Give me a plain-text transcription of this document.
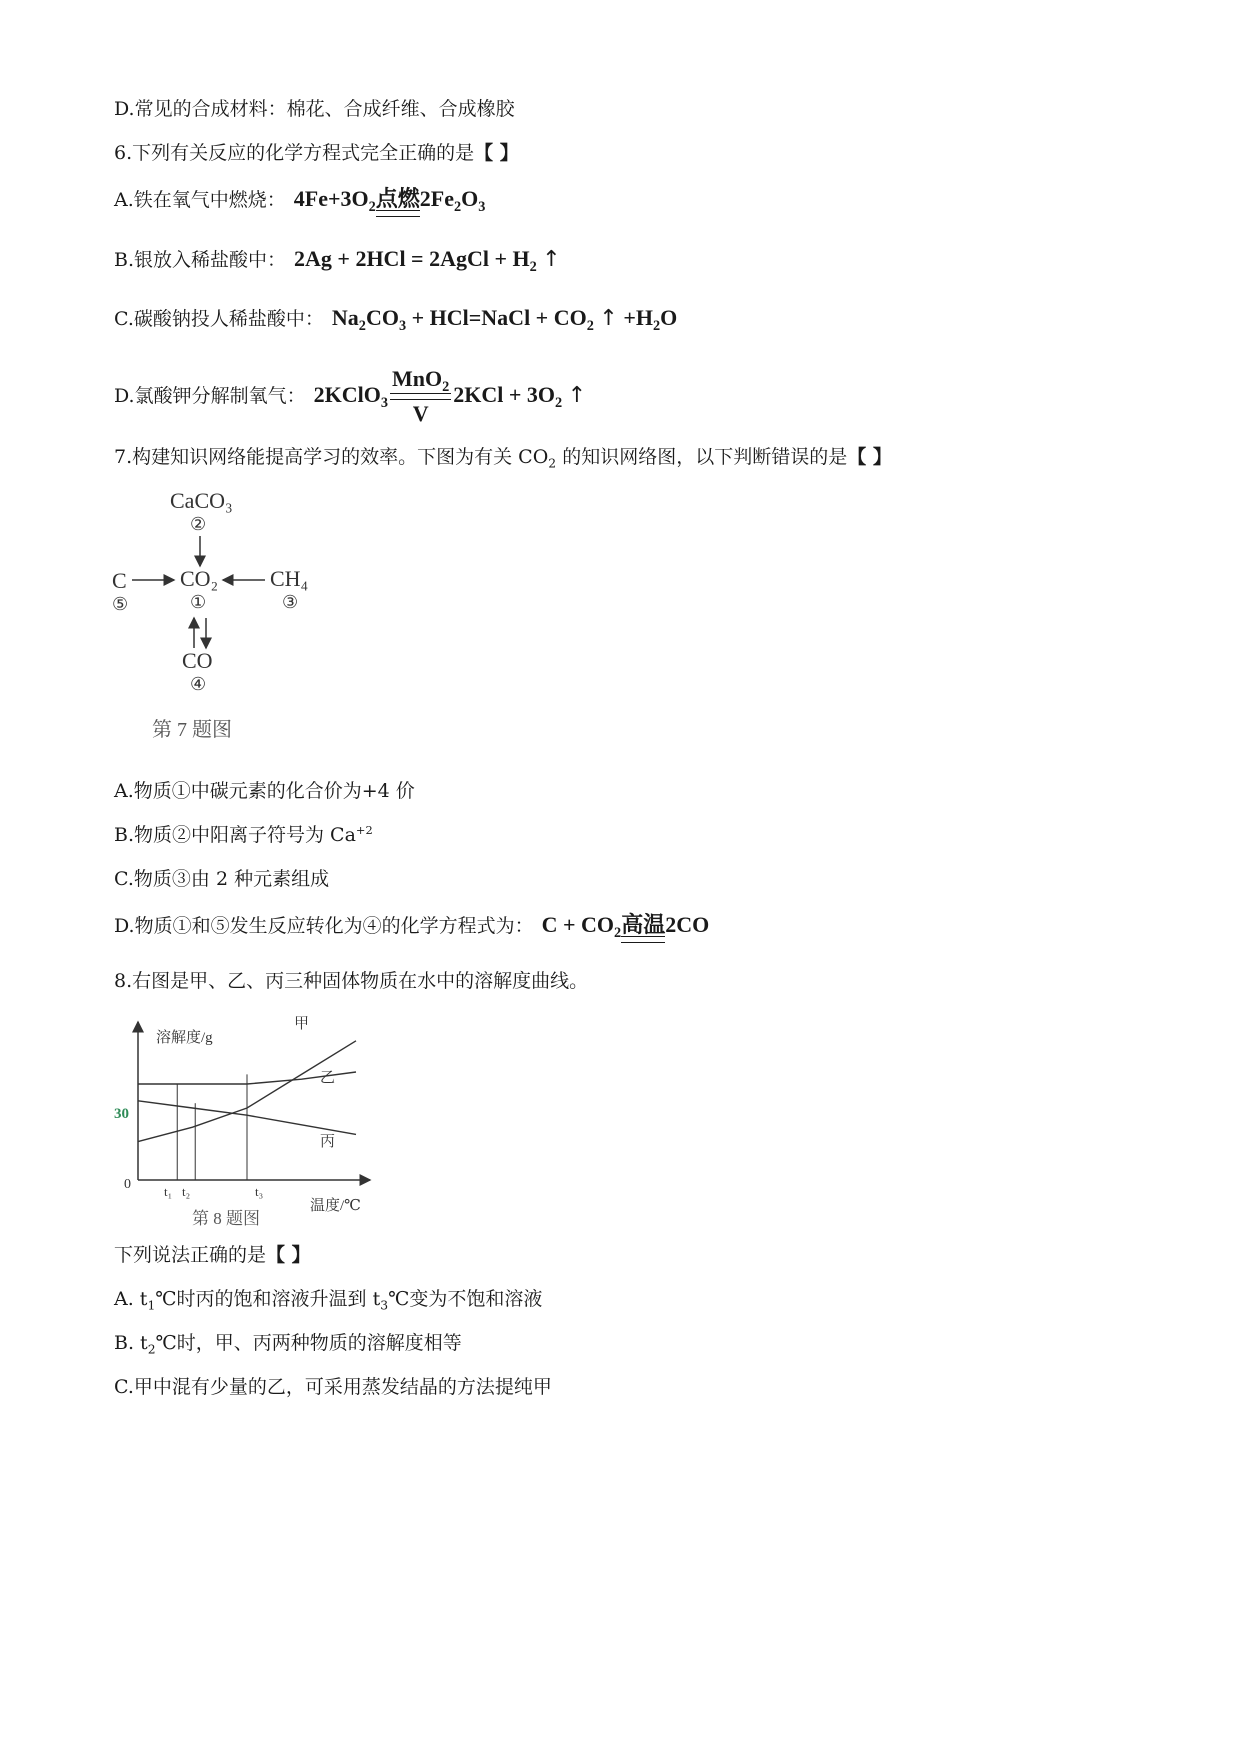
D.常见的合成材料：棉花、合成纤维、合成橡胶
6.下列有关反应的化学方程式完全正确的是【 】
A.铁在氧气中燃烧： $4Fe+3O_2$点燃$2Fe_2O_3$
B.银放入稀盐酸中： 2Ag + 2HCl = 2AgCl + $H_2$ ↑
C.碳酸钠投人稀盐酸中： $Na_2CO_3$ + HCl=NaCl + $CO_2$ ↑ $+H_2O$
D.氯酸钾分解制氧气： 2KClO$_3$
MnO$_2$
V
$2KCl + 3O_2$ ↑
7.构建知识网络能提高学习的效率。下图为有关 $CO_2$ 的知识网络图，以下判断错误的是【 】
CaCO₃
②
CO₂
①
C
⑤
CH₄
③
CO
④
第 7 题图
A.物质①中碳元素的化合价为+4 价
B.物质②中阳离子符号为 $Ca^{+2}$
C.物质③由 2 种元素组成
D.物质①和⑤发生反应转化为④的化学方程式为： $C + CO_2$高温2CO
8.右图是甲、乙、丙三种固体物质在水中的溶解度曲线。
溶解度/g
温度/℃
0
30
t₁ t₂	t₃
甲
乙
丙
第 8 题图
下列说法正确的是【 】
A. $t_1℃$时丙的饱和溶液升温到 $t_3℃$变为不饱和溶液
B. $t_2℃$时，甲、丙两种物质的溶解度相等
C.甲中混有少量的乙，可采用蒸发结晶的方法提纯甲
